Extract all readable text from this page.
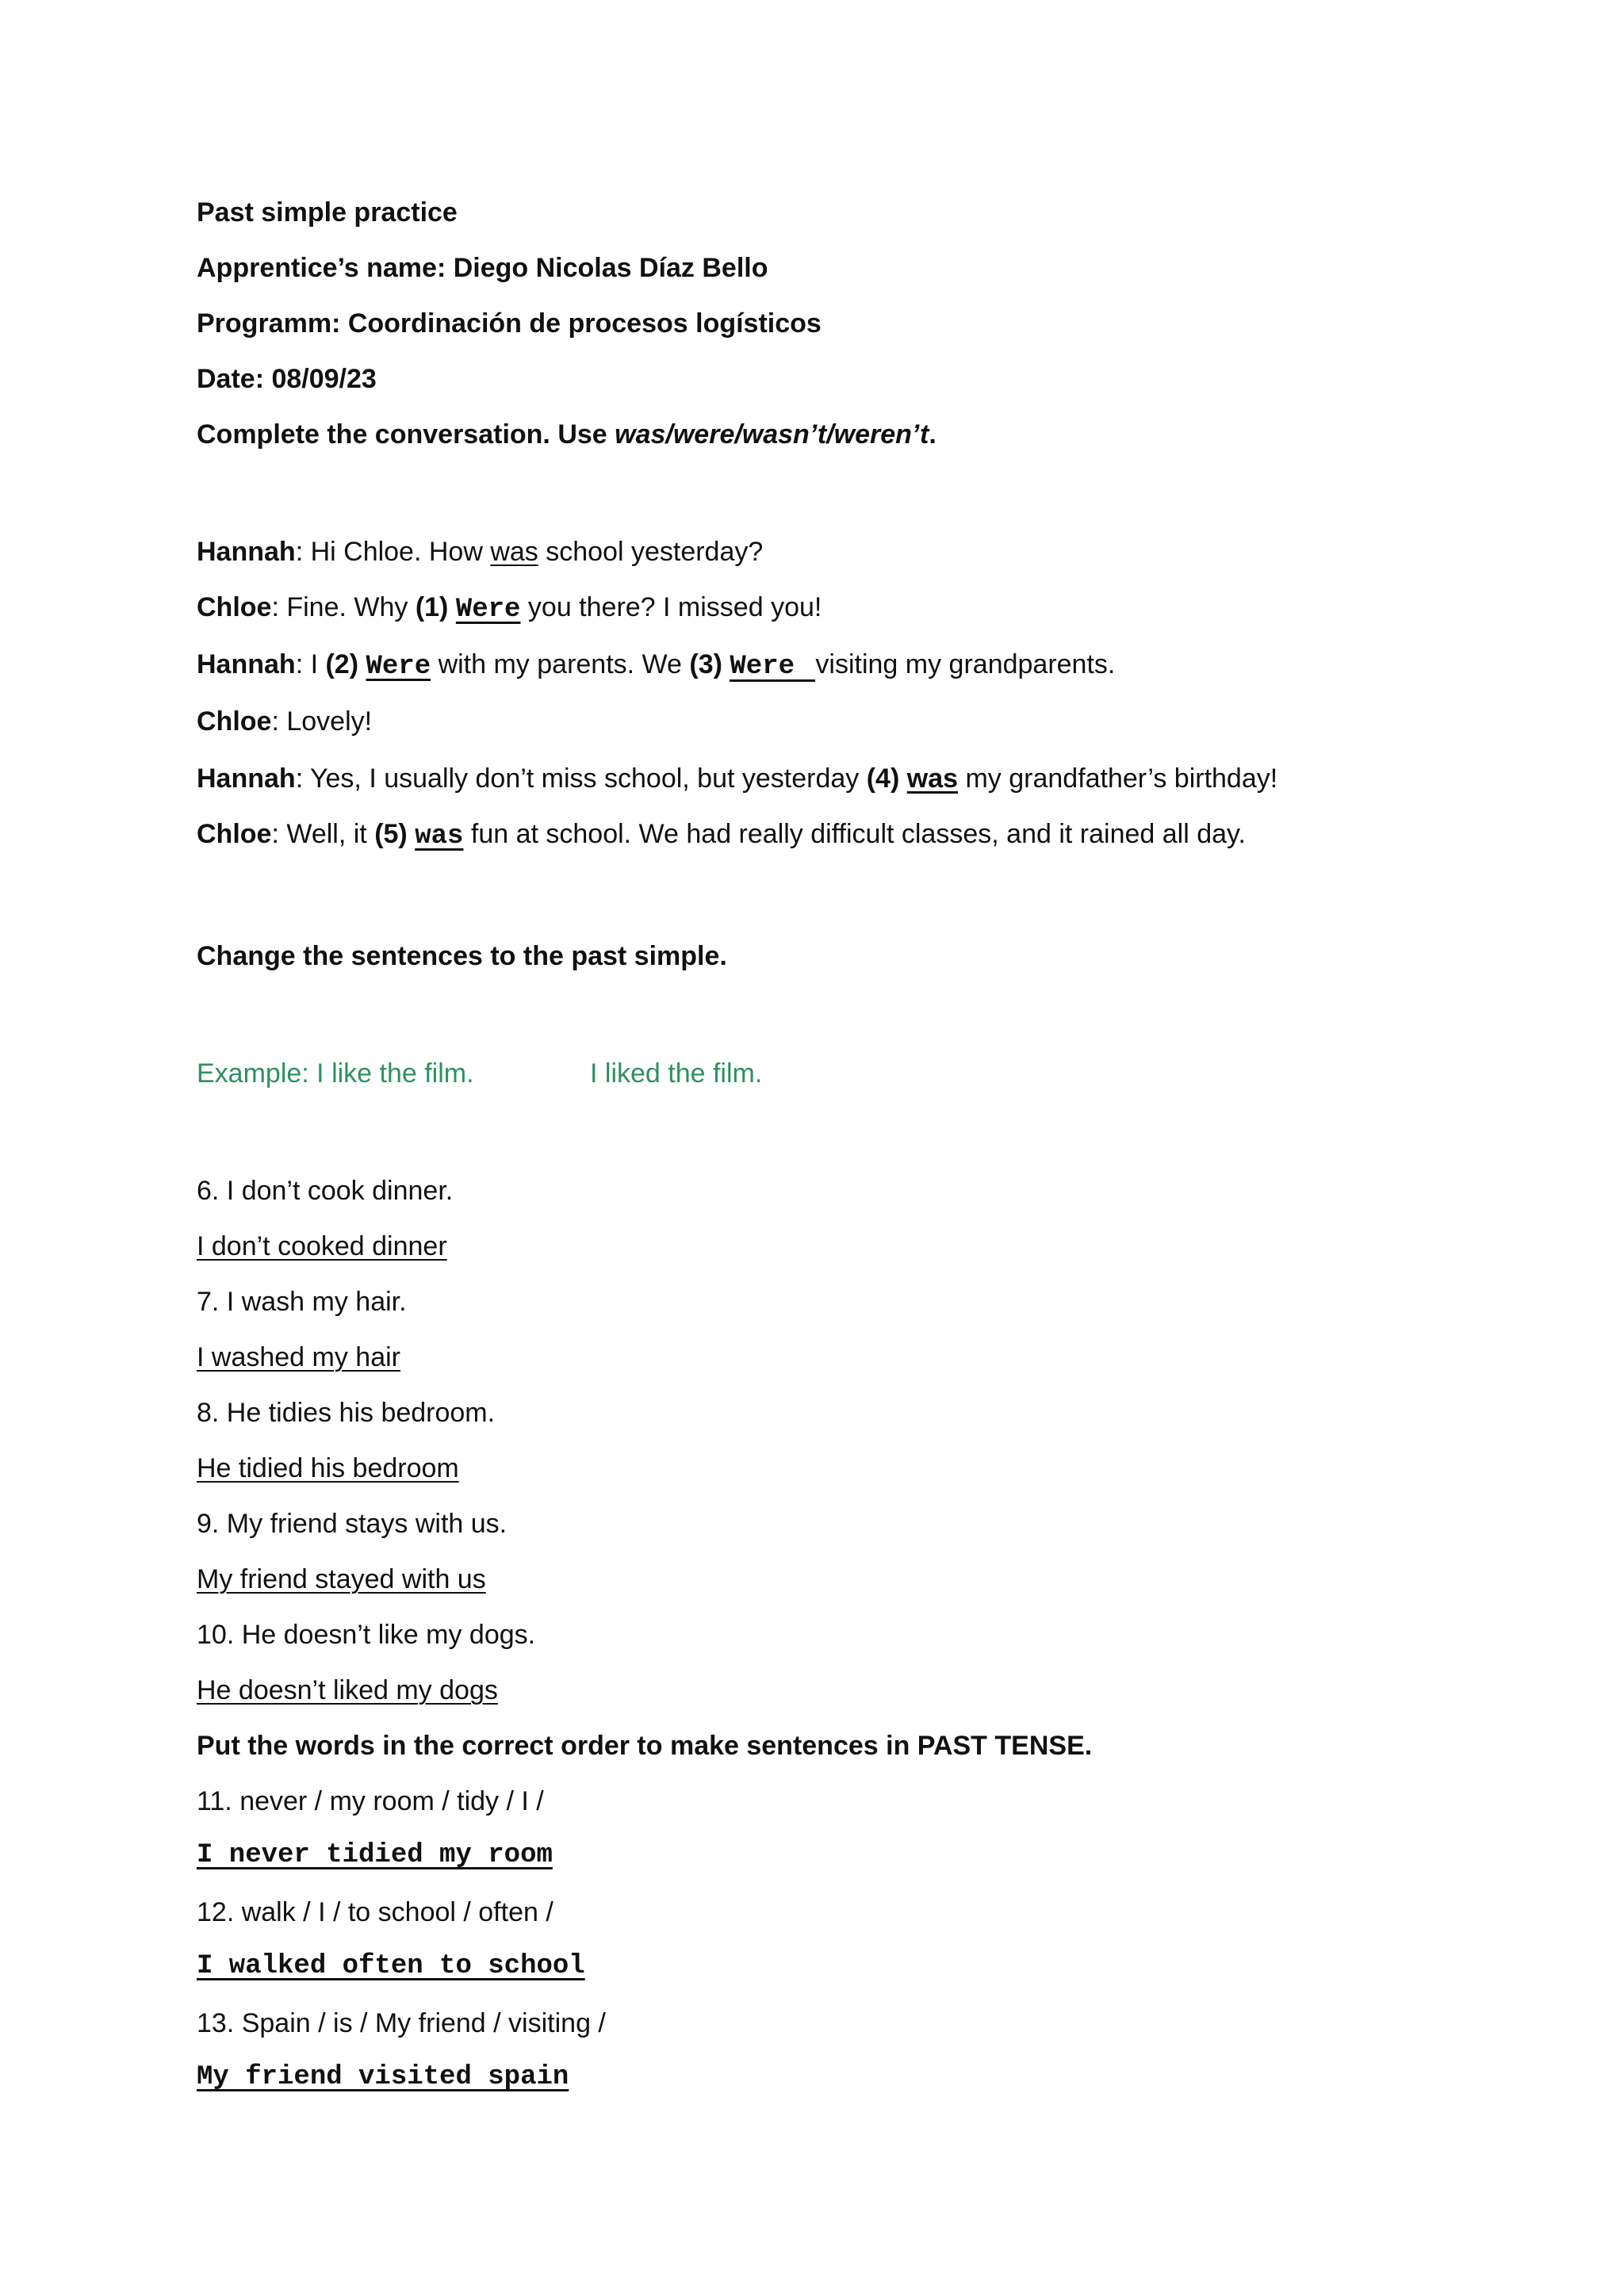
Past simple practice
Apprentice’s name: Diego Nicolas Díaz Bello
Programm: Coordinación de procesos logísticos
Date: 08/09/23
Complete the conversation. Use was/were/wasn’t/weren’t.
Hannah: Hi Chloe. How was school yesterday?
Chloe: Fine. Why (1) Were you there? I missed you!
Hannah: I (2) Were with my parents. We (3) Were visiting my grandparents.
Chloe: Lovely!
Hannah: Yes, I usually don’t miss school, but yesterday (4) was my grandfather’s birthday!
Chloe: Well, it (5) was fun at school. We had really difficult classes, and it rained all day.
Change the sentences to the past simple.
Example: I like the film.	I liked the film.
6. I don’t cook dinner.
I don’t cooked dinner
7. I wash my hair.
I washed my hair
8. He tidies his bedroom.
He tidied his bedroom
9. My friend stays with us.
My friend stayed with us
10. He doesn’t like my dogs.
He doesn’t liked my dogs
Put the words in the correct order to make sentences in PAST TENSE.
11. never / my room / tidy / I /
I never tidied my room
12. walk / I / to school / often /
I walked often to school
13. Spain / is / My friend / visiting /
My friend visited spain
